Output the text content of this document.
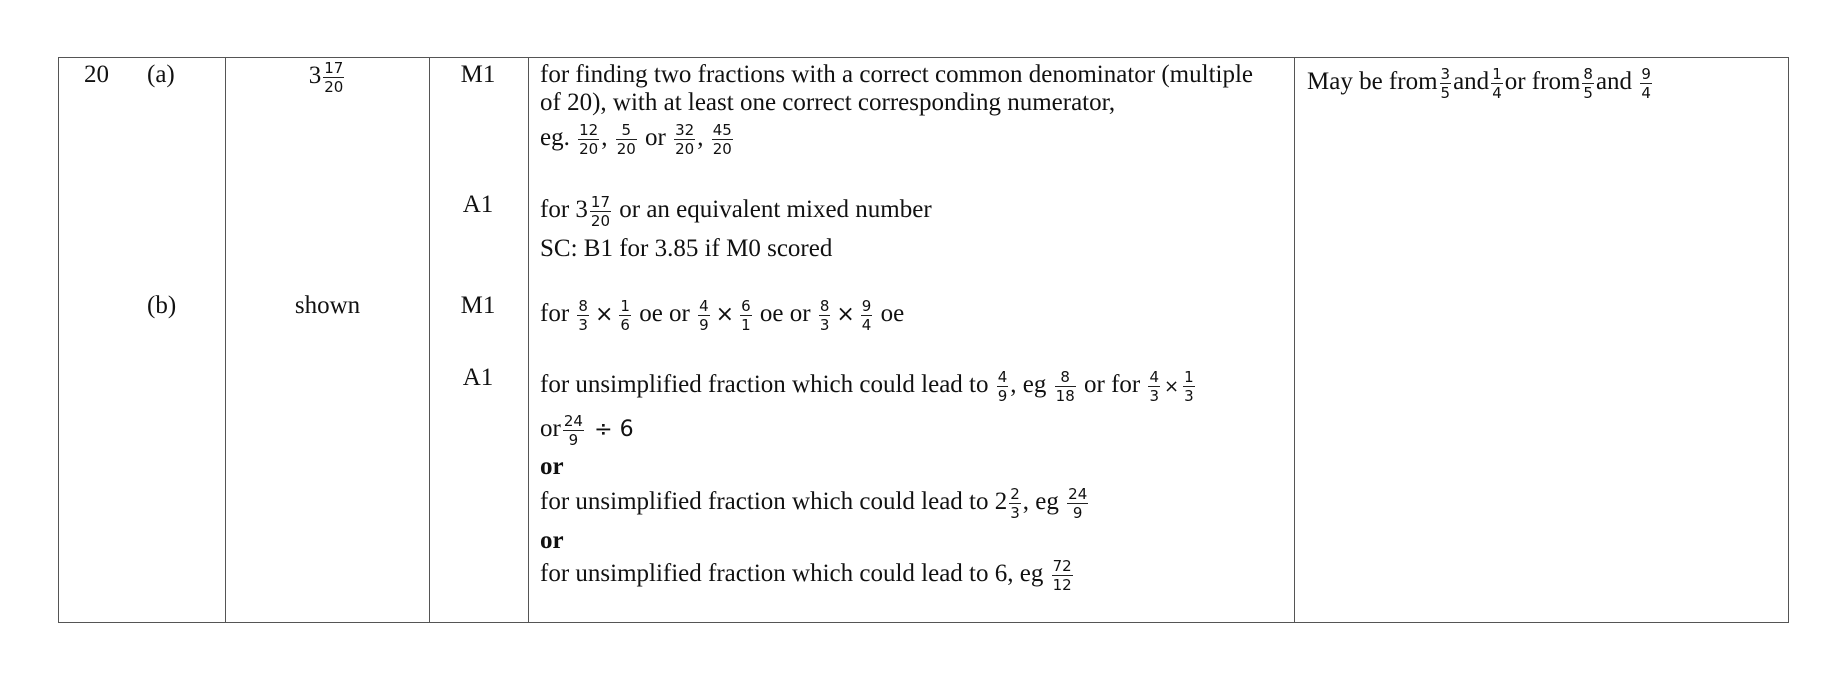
20 (a)
(b)
$3 \frac{17}{20}$
shown
M1
A1
M1
A1
for finding two fractions with a correct common denominator (multiple
of 20), with at least one correct corresponding numerator,
eg. $\frac{12}{20}$ , $\frac{5}{20}$ or $\frac{32}{20}$ , $\frac{45}{20}$
for $3 \frac{17}{20}$ or an equivalent mixed number
SC: B1 for 3.85 if M0 scored
for $\frac{8}{3} \times \frac{1}{6}$ oe or $\frac{4}{9} \times \frac{6}{1}$ oe or $\frac{8}{3} \times \frac{9}{4}$ oe
for unsimplified fraction which could lead to $\frac{4}{9}$ , eg $\frac{8}{18}$ or for $\frac{4}{3} \times \frac{1}{3}$
or $\frac{24}{9} \div 6$
or
for unsimplified fraction which could lead to $2 \frac{2}{3}$ , eg $\frac{24}{9}$
or
for unsimplified fraction which could lead to 6, eg $\frac{72}{12}$
May be from $\frac{3}{5}$ and $\frac{1}{4}$ or from $\frac{8}{5}$ and $\frac{9}{4}$
